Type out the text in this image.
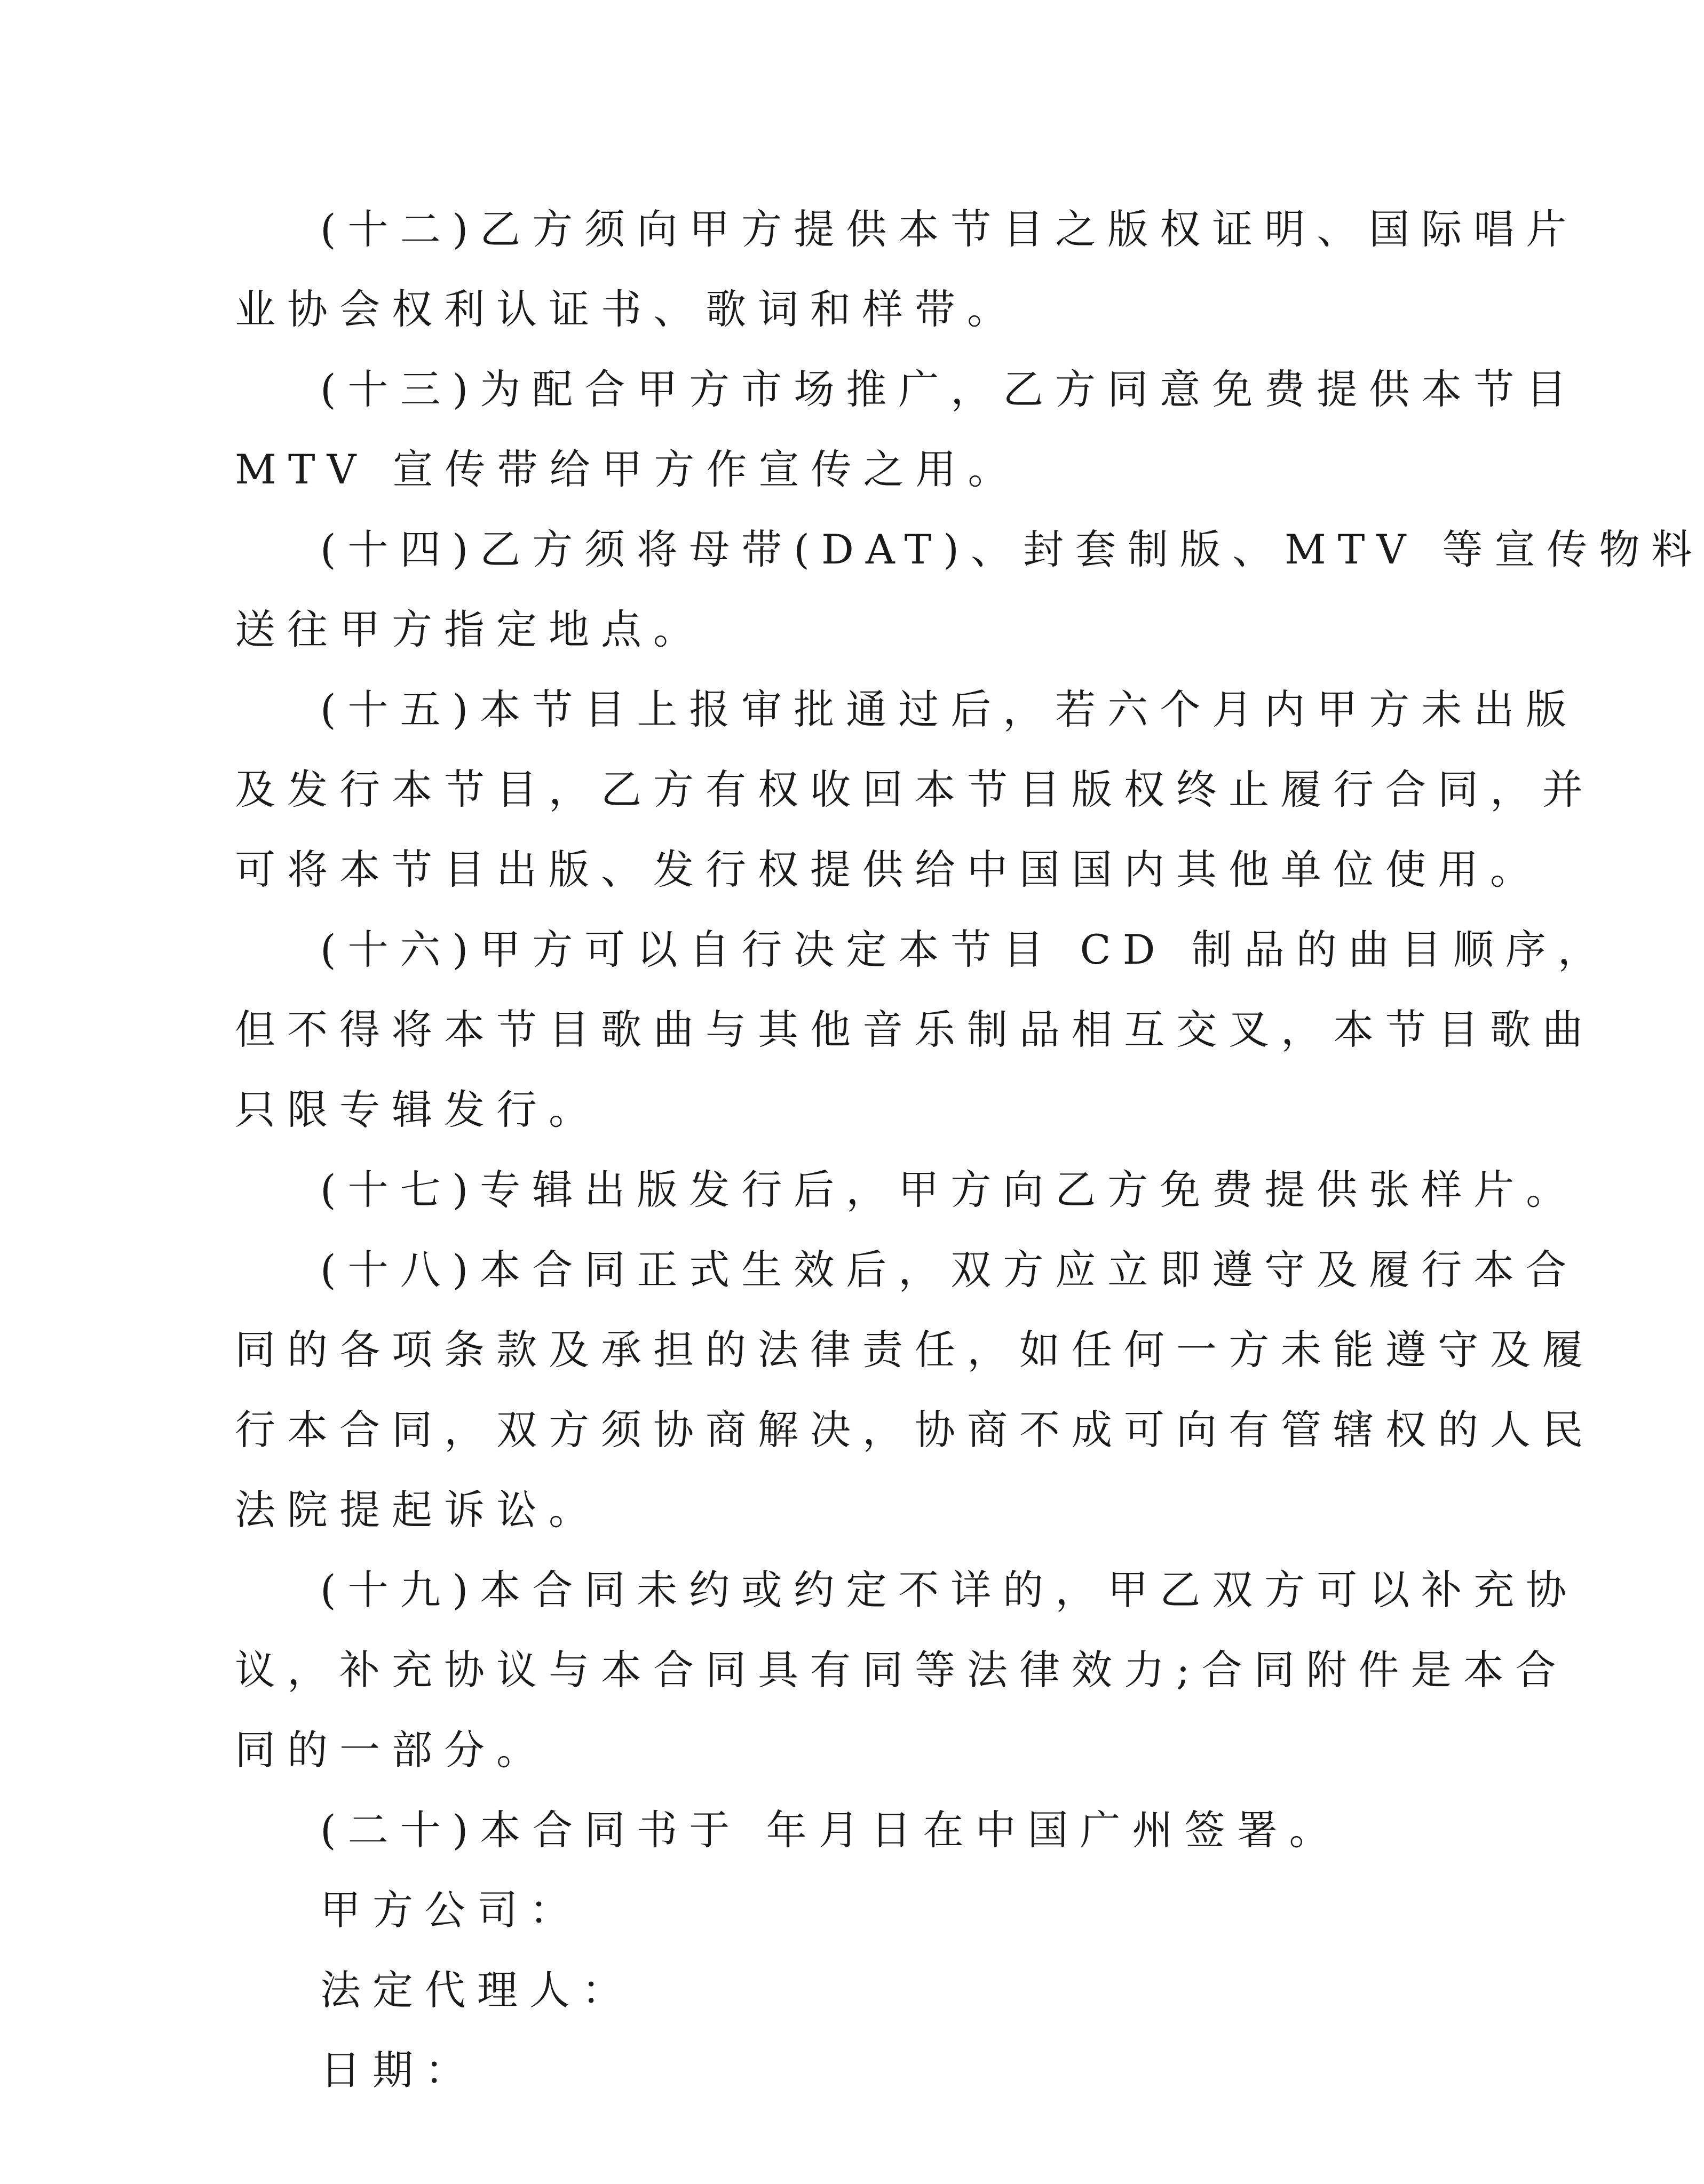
(十二)乙方须向甲方提供本节目之版权证明、国际唱片
业协会权利认证书、歌词和样带。
(十三)为配合甲方市场推广，乙方同意免费提供本节目
MTV 宣传带给甲方作宣传之用。
(十四)乙方须将母带(DAT)、封套制版、MTV 等宣传物料
送往甲方指定地点。
(十五)本节目上报审批通过后，若六个月内甲方未出版
及发行本节目，乙方有权收回本节目版权终止履行合同，并
可将本节目出版、发行权提供给中国国内其他单位使用。
(十六)甲方可以自行决定本节目 CD 制品的曲目顺序，
但不得将本节目歌曲与其他音乐制品相互交叉，本节目歌曲
只限专辑发行。
(十七)专辑出版发行后，甲方向乙方免费提供张样片。
(十八)本合同正式生效后，双方应立即遵守及履行本合
同的各项条款及承担的法律责任，如任何一方未能遵守及履
行本合同，双方须协商解决，协商不成可向有管辖权的人民
法院提起诉讼。
(十九)本合同未约或约定不详的，甲乙双方可以补充协
议，补充协议与本合同具有同等法律效力;合同附件是本合
同的一部分。
(二十)本合同书于 年月日在中国广州签署。
甲方公司：
法定代理人：
日期：
